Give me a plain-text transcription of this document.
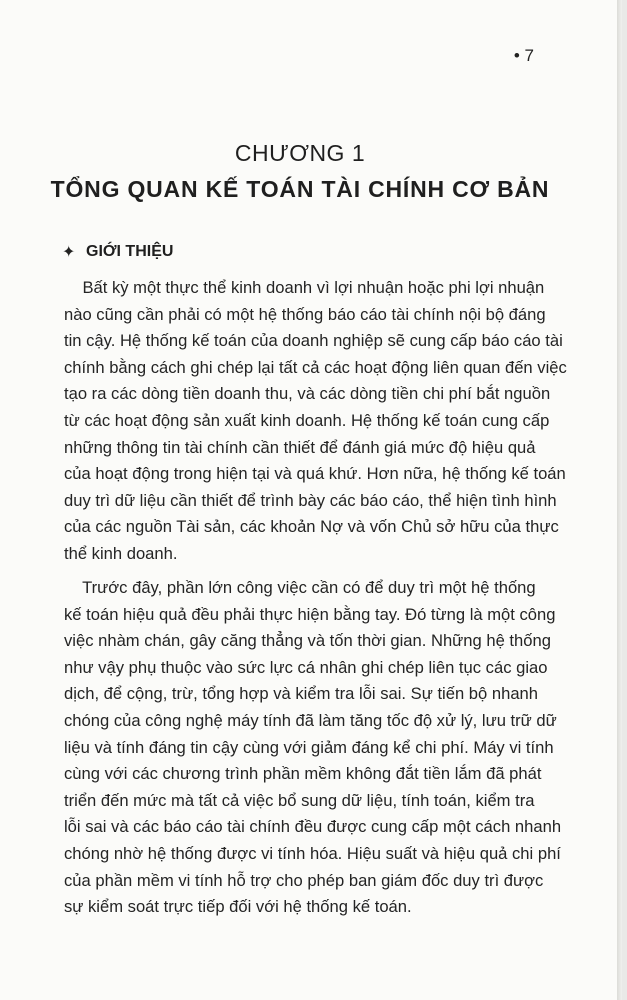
• 7
CHƯƠNG 1
TỔNG QUAN KẾ TOÁN TÀI CHÍNH CƠ BẢN
✦ GIỚI THIỆU
Bất kỳ một thực thể kinh doanh vì lợi nhuận hoặc phi lợi nhuận
nào cũng cần phải có một hệ thống báo cáo tài chính nội bộ đáng
tin cậy. Hệ thống kế toán của doanh nghiệp sẽ cung cấp báo cáo tài
chính bằng cách ghi chép lại tất cả các hoạt động liên quan đến việc
tạo ra các dòng tiền doanh thu, và các dòng tiền chi phí bắt nguồn
từ các hoạt động sản xuất kinh doanh. Hệ thống kế toán cung cấp
những thông tin tài chính cần thiết để đánh giá mức độ hiệu quả
của hoạt động trong hiện tại và quá khứ. Hơn nữa, hệ thống kế toán
duy trì dữ liệu cần thiết để trình bày các báo cáo, thể hiện tình hình
của các nguồn Tài sản, các khoản Nợ và vốn Chủ sở hữu của thực
thể kinh doanh.
Trước đây, phần lớn công việc cần có để duy trì một hệ thống
kế toán hiệu quả đều phải thực hiện bằng tay. Đó từng là một công
việc nhàm chán, gây căng thẳng và tốn thời gian. Những hệ thống
như vậy phụ thuộc vào sức lực cá nhân ghi chép liên tục các giao
dịch, để cộng, trừ, tổng hợp và kiểm tra lỗi sai. Sự tiến bộ nhanh
chóng của công nghệ máy tính đã làm tăng tốc độ xử lý, lưu trữ dữ
liệu và tính đáng tin cậy cùng với giảm đáng kể chi phí. Máy vi tính
cùng với các chương trình phần mềm không đắt tiền lắm đã phát
triển đến mức mà tất cả việc bổ sung dữ liệu, tính toán, kiểm tra
lỗi sai và các báo cáo tài chính đều được cung cấp một cách nhanh
chóng nhờ hệ thống được vi tính hóa. Hiệu suất và hiệu quả chi phí
của phần mềm vi tính hỗ trợ cho phép ban giám đốc duy trì được
sự kiểm soát trực tiếp đối với hệ thống kế toán.
